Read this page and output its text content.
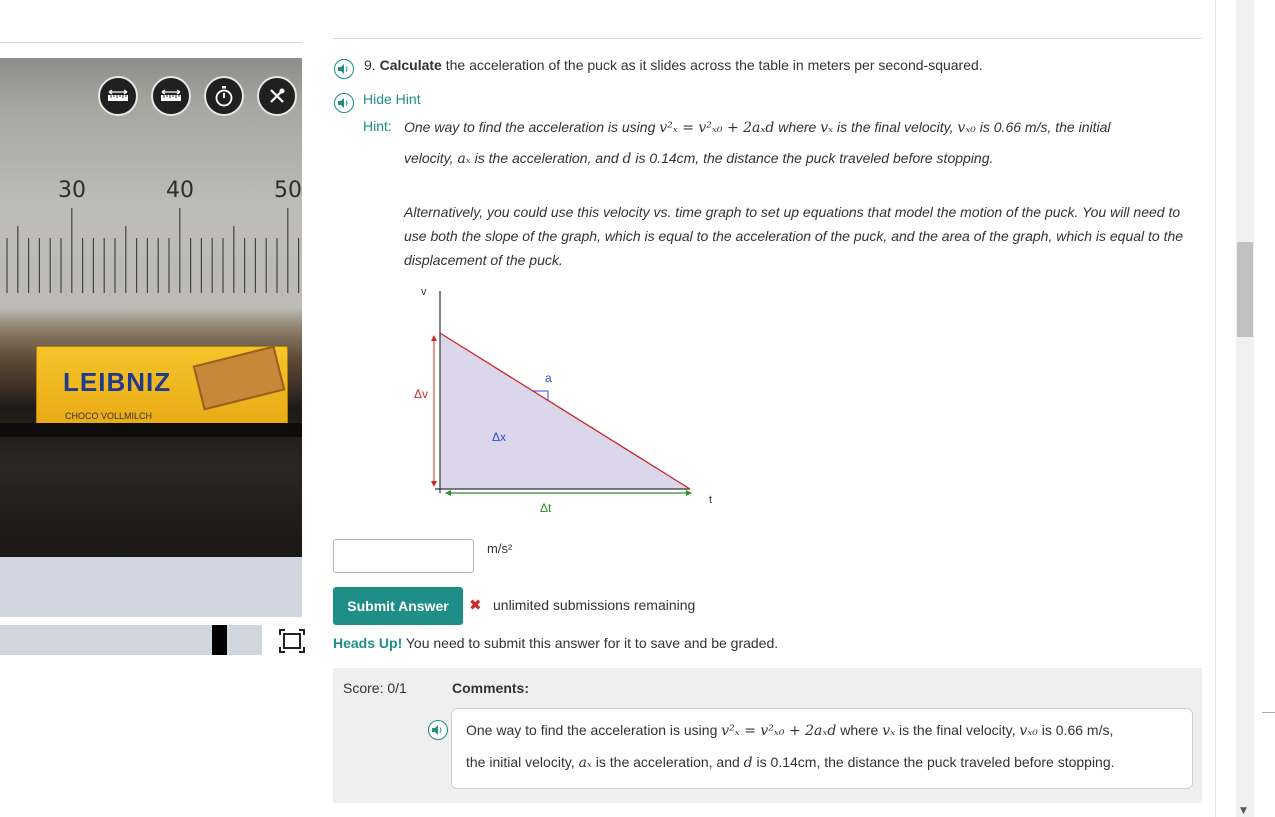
30	40	50
LEIBNIZ
CHOCO VOLLMILCH
9. Calculate the acceleration of the puck as it slides across the table in meters per second-squared.
Hide Hint
Hint: One way to find the acceleration is using v²ₓ = v²ₓ₀ + 2aₓd where vₓ is the final velocity, vₓ₀ is 0.66 m/s, the initial
velocity, aₓ is the acceleration, and d is 0.14cm, the distance the puck traveled before stopping.

Alternatively, you could use this velocity vs. time graph to set up equations that model the motion of the puck. You will need to use both the slope of the graph, which is equal to the acceleration of the puck, and the area of the graph, which is equal to the displacement of the puck.

v
t
Δv
Δx
Δt
a
m/s²
Submit Answer	✖ unlimited submissions remaining
Heads Up! You need to submit this answer for it to save and be graded.
Score: 0/1	Comments:
One way to find the acceleration is using v²ₓ = v²ₓ₀ + 2aₓd where vₓ is the final velocity, vₓ₀ is 0.66 m/s,
the initial velocity, aₓ is the acceleration, and d is 0.14cm, the distance the puck traveled before stopping.
▼
